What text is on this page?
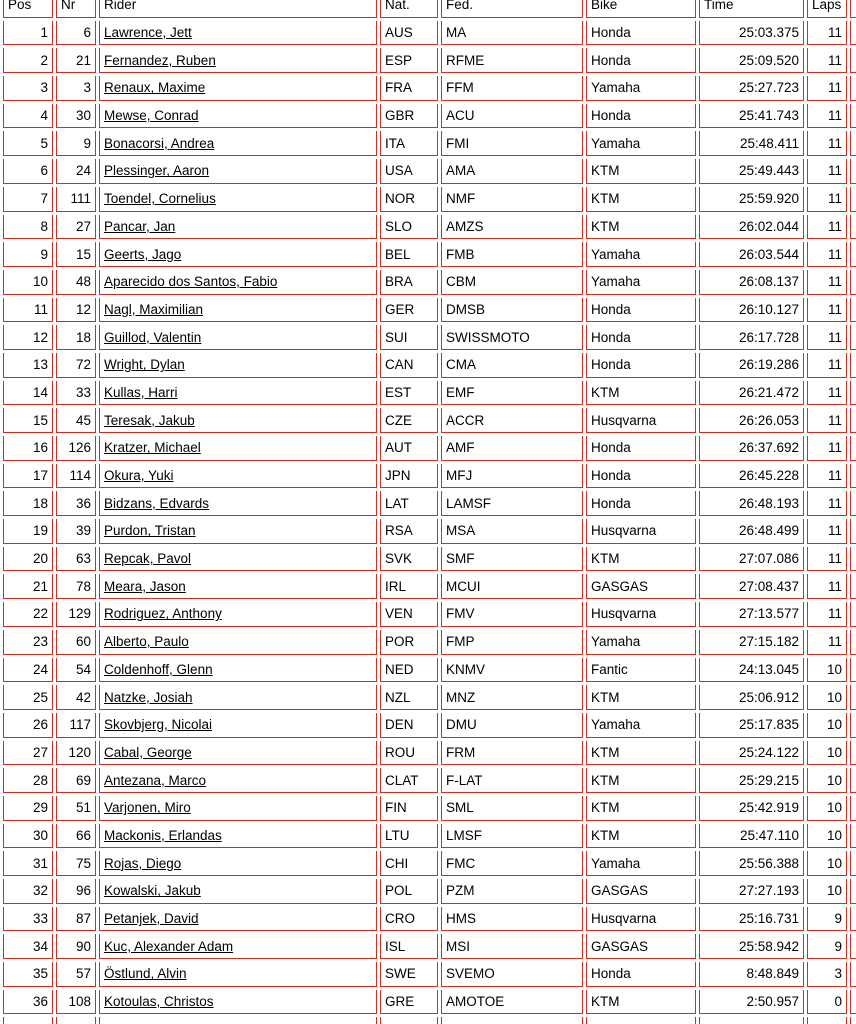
Pos	Nr	Rider	Nat.	Fed.	Bike	Time	Laps	
1	6	Lawrence, Jett	AUS	MA	Honda	25:03.375	11	
2	21	Fernandez, Ruben	ESP	RFME	Honda	25:09.520	11	
3	3	Renaux, Maxime	FRA	FFM	Yamaha	25:27.723	11	
4	30	Mewse, Conrad	GBR	ACU	Honda	25:41.743	11	
5	9	Bonacorsi, Andrea	ITA	FMI	Yamaha	25:48.411	11	
6	24	Plessinger, Aaron	USA	AMA	KTM	25:49.443	11	
7	111	Toendel, Cornelius	NOR	NMF	KTM	25:59.920	11	
8	27	Pancar, Jan	SLO	AMZS	KTM	26:02.044	11	
9	15	Geerts, Jago	BEL	FMB	Yamaha	26:03.544	11	
10	48	Aparecido dos Santos, Fabio	BRA	CBM	Yamaha	26:08.137	11	
11	12	Nagl, Maximilian	GER	DMSB	Honda	26:10.127	11	
12	18	Guillod, Valentin	SUI	SWISSMOTO	Honda	26:17.728	11	
13	72	Wright, Dylan	CAN	CMA	Honda	26:19.286	11	
14	33	Kullas, Harri	EST	EMF	KTM	26:21.472	11	
15	45	Teresak, Jakub	CZE	ACCR	Husqvarna	26:26.053	11	
16	126	Kratzer, Michael	AUT	AMF	Honda	26:37.692	11	
17	114	Okura, Yuki	JPN	MFJ	Honda	26:45.228	11	
18	36	Bidzans, Edvards	LAT	LAMSF	Honda	26:48.193	11	
19	39	Purdon, Tristan	RSA	MSA	Husqvarna	26:48.499	11	
20	63	Repcak, Pavol	SVK	SMF	KTM	27:07.086	11	
21	78	Meara, Jason	IRL	MCUI	GASGAS	27:08.437	11	
22	129	Rodriguez, Anthony	VEN	FMV	Husqvarna	27:13.577	11	
23	60	Alberto, Paulo	POR	FMP	Yamaha	27:15.182	11	
24	54	Coldenhoff, Glenn	NED	KNMV	Fantic	24:13.045	10	
25	42	Natzke, Josiah	NZL	MNZ	KTM	25:06.912	10	
26	117	Skovbjerg, Nicolai	DEN	DMU	Yamaha	25:17.835	10	
27	120	Cabal, George	ROU	FRM	KTM	25:24.122	10	
28	69	Antezana, Marco	CLAT	F-LAT	KTM	25:29.215	10	
29	51	Varjonen, Miro	FIN	SML	KTM	25:42.919	10	
30	66	Mackonis, Erlandas	LTU	LMSF	KTM	25:47.110	10	
31	75	Rojas, Diego	CHI	FMC	Yamaha	25:56.388	10	
32	96	Kowalski, Jakub	POL	PZM	GASGAS	27:27.193	10	
33	87	Petanjek, David	CRO	HMS	Husqvarna	25:16.731	9	
34	90	Kuc, Alexander Adam	ISL	MSI	GASGAS	25:58.942	9	
35	57	Östlund, Alvin	SWE	SVEMO	Honda	8:48.849	3	
36	108	Kotoulas, Christos	GRE	AMOTOE	KTM	2:50.957	0	
